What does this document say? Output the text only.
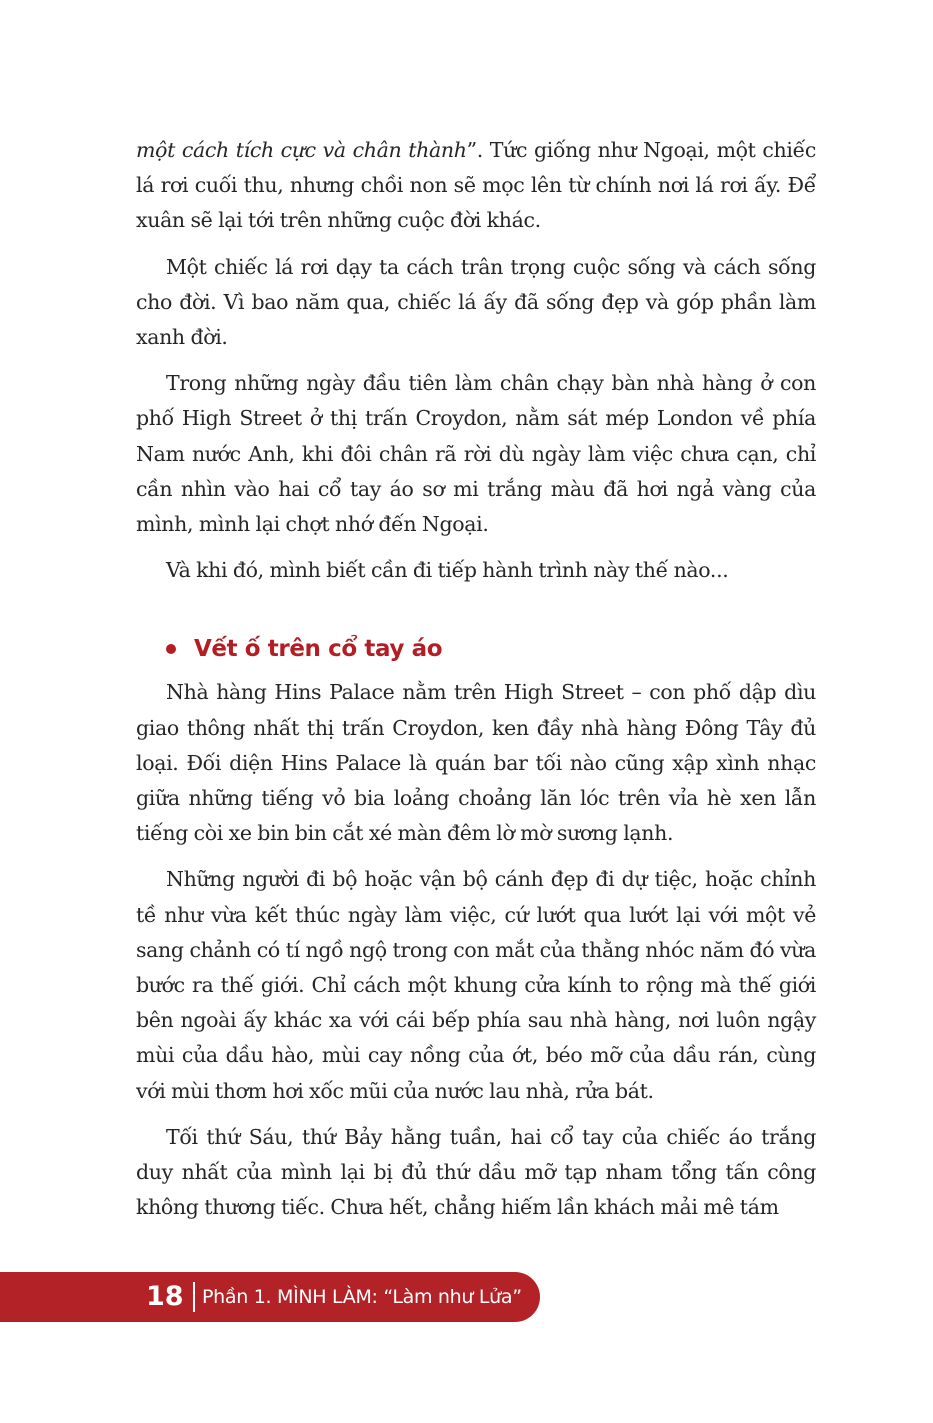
một cách tích cực và chân thành”. Tức giống như Ngoại, một chiếc lá rơi cuối thu, nhưng chồi non sẽ mọc lên từ chính nơi lá rơi ấy. Để xuân sẽ lại tới trên những cuộc đời khác.

Một chiếc lá rơi dạy ta cách trân trọng cuộc sống và cách sống cho đời. Vì bao năm qua, chiếc lá ấy đã sống đẹp và góp phần làm xanh đời.

Trong những ngày đầu tiên làm chân chạy bàn nhà hàng ở con phố High Street ở thị trấn Croydon, nằm sát mép London về phía Nam nước Anh, khi đôi chân rã rời dù ngày làm việc chưa cạn, chỉ cần nhìn vào hai cổ tay áo sơ mi trắng màu đã hơi ngả vàng của mình, mình lại chợt nhớ đến Ngoại.

Và khi đó, mình biết cần đi tiếp hành trình này thế nào...

Vết ố trên cổ tay áo

Nhà hàng Hins Palace nằm trên High Street – con phố dập dìu giao thông nhất thị trấn Croydon, ken đầy nhà hàng Đông Tây đủ loại. Đối diện Hins Palace là quán bar tối nào cũng xập xình nhạc giữa những tiếng vỏ bia loảng choảng lăn lóc trên vỉa hè xen lẫn tiếng còi xe bin bin cắt xé màn đêm lờ mờ sương lạnh.

Những người đi bộ hoặc vận bộ cánh đẹp đi dự tiệc, hoặc chỉnh tề như vừa kết thúc ngày làm việc, cứ lướt qua lướt lại với một vẻ sang chảnh có tí ngồ ngộ trong con mắt của thằng nhóc năm đó vừa bước ra thế giới. Chỉ cách một khung cửa kính to rộng mà thế giới bên ngoài ấy khác xa với cái bếp phía sau nhà hàng, nơi luôn ngậy mùi của dầu hào, mùi cay nồng của ớt, béo mỡ của dầu rán, cùng với mùi thơm hơi xốc mũi của nước lau nhà, rửa bát.

Tối thứ Sáu, thứ Bảy hằng tuần, hai cổ tay của chiếc áo trắng duy nhất của mình lại bị đủ thứ dầu mỡ tạp nham tổng tấn công không thương tiếc. Chưa hết, chẳng hiếm lần khách mải mê tám

18 Phần 1. MÌNH LÀM: “Làm như Lửa”
